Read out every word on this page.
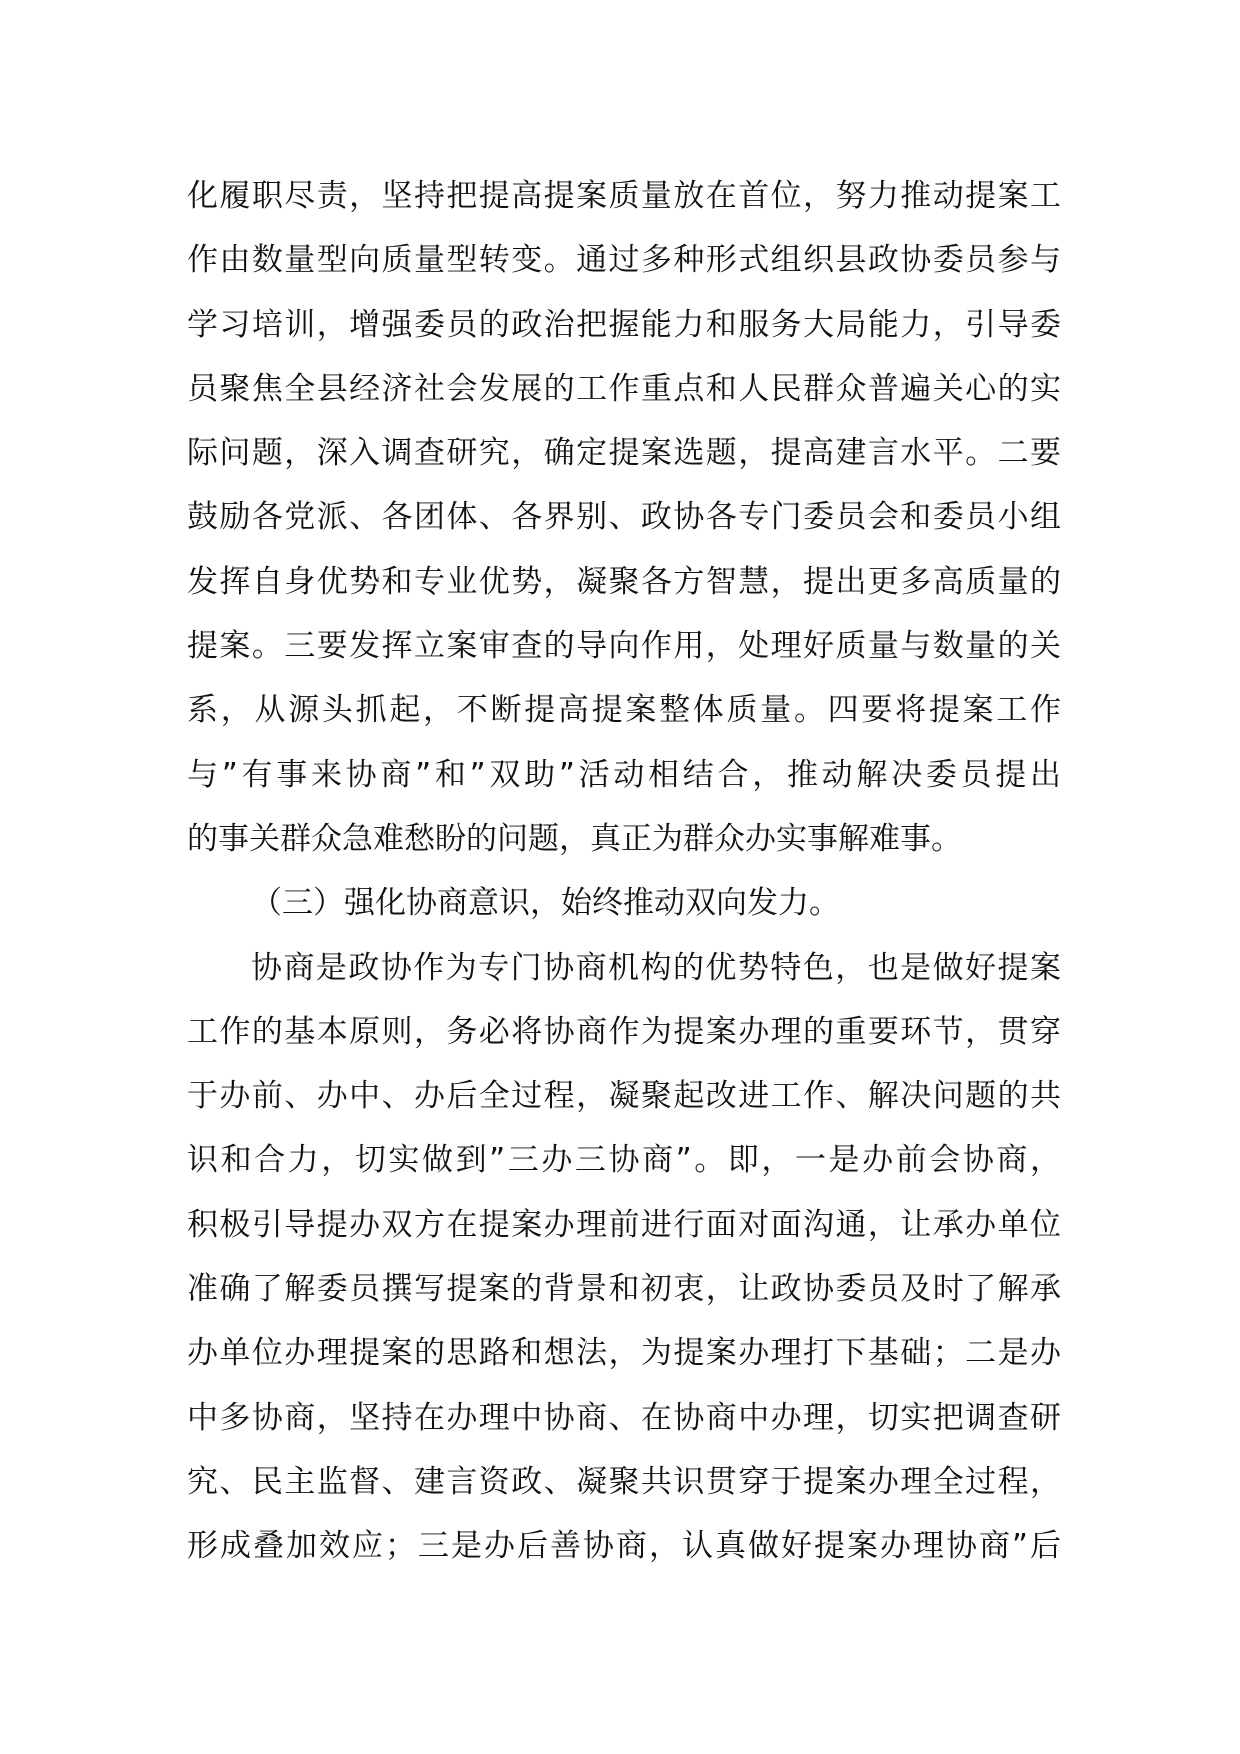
化履职尽责，坚持把提高提案质量放在首位，努力推动提案工
作由数量型向质量型转变。通过多种形式组织县政协委员参与
学习培训，增强委员的政治把握能力和服务大局能力，引导委
员聚焦全县经济社会发展的工作重点和人民群众普遍关心的实
际问题，深入调查研究，确定提案选题，提高建言水平。二要
鼓励各党派、各团体、各界别、政协各专门委员会和委员小组
发挥自身优势和专业优势，凝聚各方智慧，提出更多高质量的
提案。三要发挥立案审查的导向作用，处理好质量与数量的关
系，从源头抓起，不断提高提案整体质量。四要将提案工作
与”有事来协商”和”双助”活动相结合，推动解决委员提出
的事关群众急难愁盼的问题，真正为群众办实事解难事。
（三）强化协商意识，始终推动双向发力。
协商是政协作为专门协商机构的优势特色，也是做好提案
工作的基本原则，务必将协商作为提案办理的重要环节，贯穿
于办前、办中、办后全过程，凝聚起改进工作、解决问题的共
识和合力，切实做到”三办三协商”。即，一是办前会协商，
积极引导提办双方在提案办理前进行面对面沟通，让承办单位
准确了解委员撰写提案的背景和初衷，让政协委员及时了解承
办单位办理提案的思路和想法，为提案办理打下基础；二是办
中多协商，坚持在办理中协商、在协商中办理，切实把调查研
究、民主监督、建言资政、凝聚共识贯穿于提案办理全过程，
形成叠加效应；三是办后善协商，认真做好提案办理协商”后
